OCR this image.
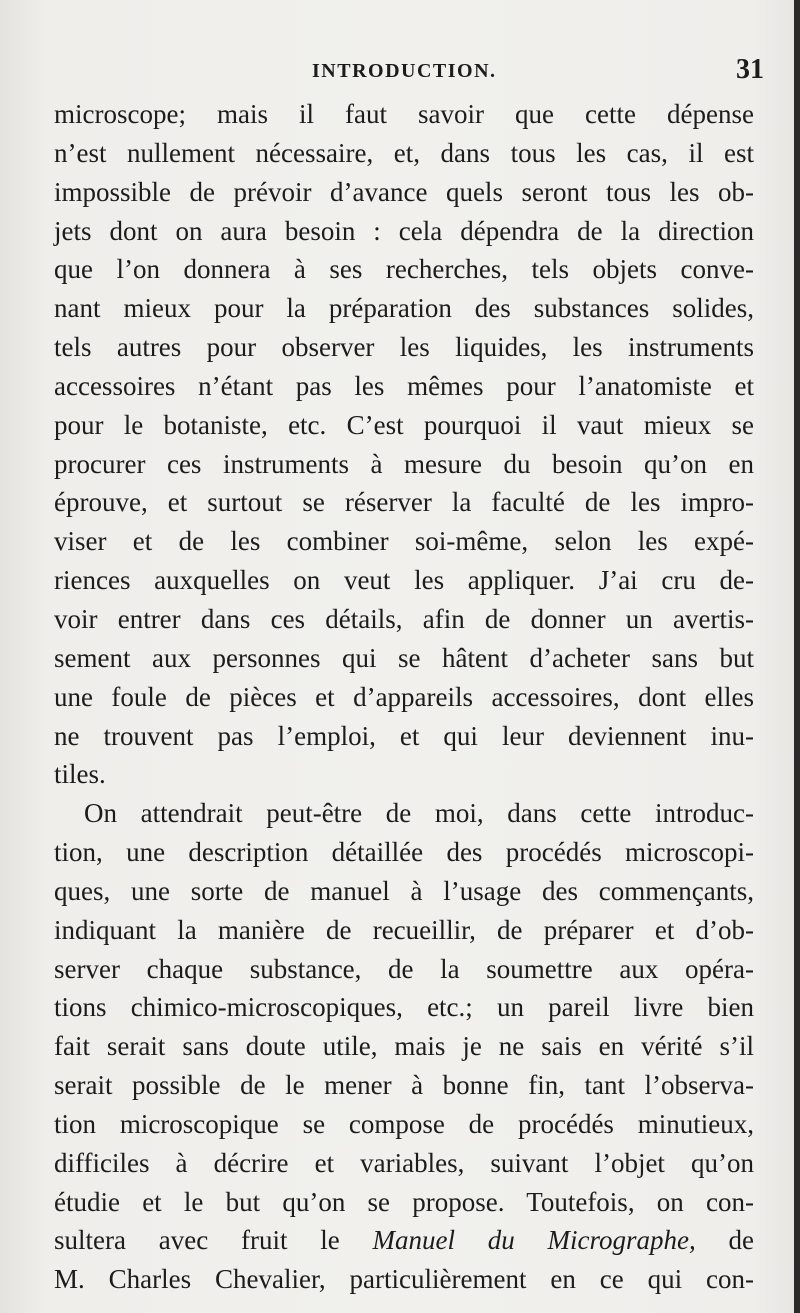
INTRODUCTION.	31
microscope; mais il faut savoir que cette dépense
n’est nullement nécessaire, et, dans tous les cas, il est
impossible de prévoir d’avance quels seront tous les ob-
jets dont on aura besoin : cela dépendra de la direction
que l’on donnera à ses recherches, tels objets conve-
nant mieux pour la préparation des substances solides,
tels autres pour observer les liquides, les instruments
accessoires n’étant pas les mêmes pour l’anatomiste et
pour le botaniste, etc. C’est pourquoi il vaut mieux se
procurer ces instruments à mesure du besoin qu’on en
éprouve, et surtout se réserver la faculté de les impro-
viser et de les combiner soi-même, selon les expé-
riences auxquelles on veut les appliquer. J’ai cru de-
voir entrer dans ces détails, afin de donner un avertis-
sement aux personnes qui se hâtent d’acheter sans but
une foule de pièces et d’appareils accessoires, dont elles
ne trouvent pas l’emploi, et qui leur deviennent inu-
tiles.
On attendrait peut-être de moi, dans cette introduc-
tion, une description détaillée des procédés microscopi-
ques, une sorte de manuel à l’usage des commençants,
indiquant la manière de recueillir, de préparer et d’ob-
server chaque substance, de la soumettre aux opéra-
tions chimico-microscopiques, etc.; un pareil livre bien
fait serait sans doute utile, mais je ne sais en vérité s’il
serait possible de le mener à bonne fin, tant l’observa-
tion microscopique se compose de procédés minutieux,
difficiles à décrire et variables, suivant l’objet qu’on
étudie et le but qu’on se propose. Toutefois, on con-
sultera avec fruit le Manuel du Micrographe, de
M. Charles Chevalier, particulièrement en ce qui con-
